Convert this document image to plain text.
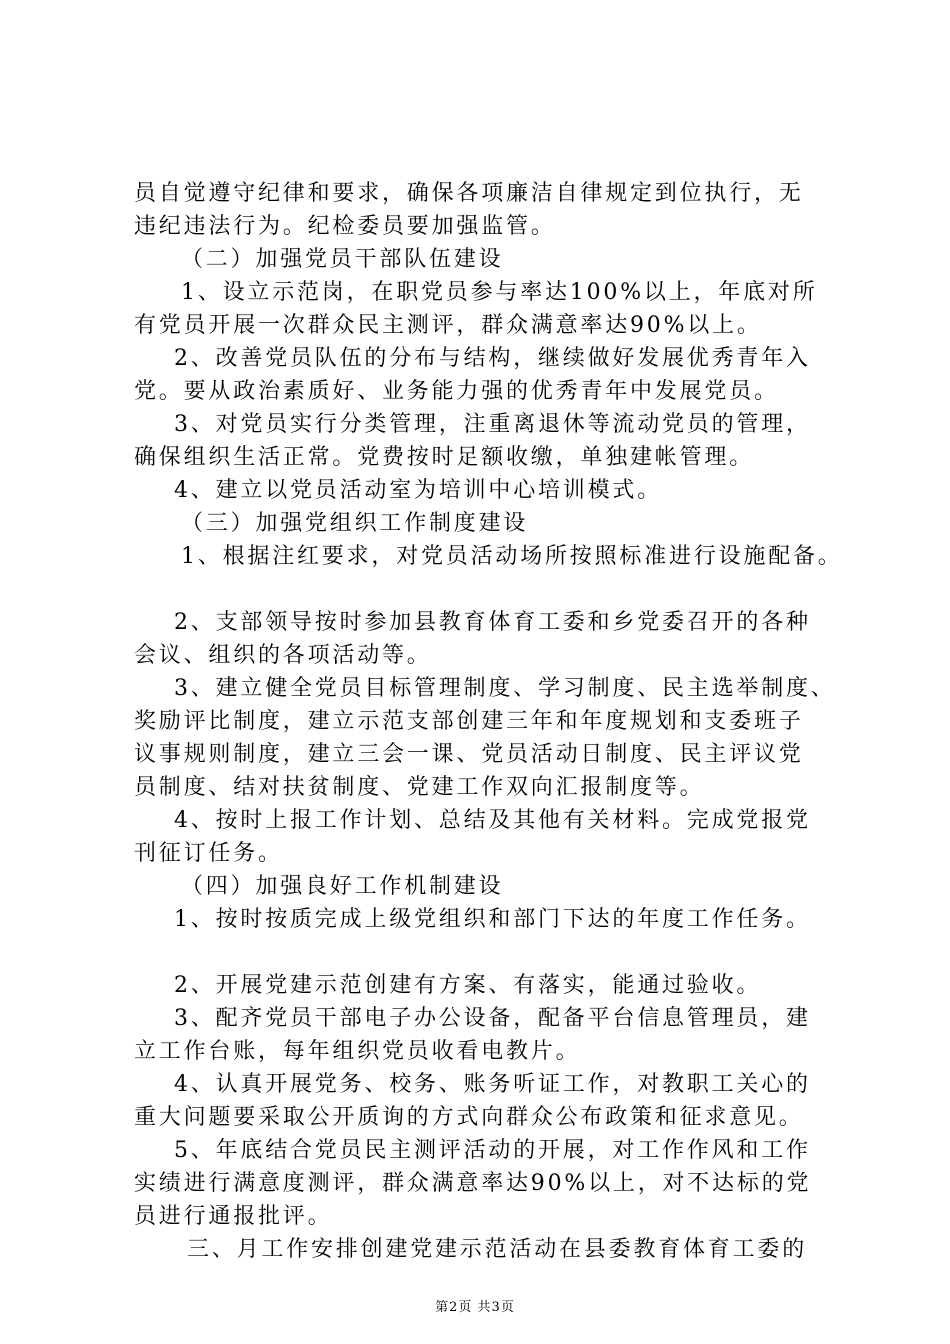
员自觉遵守纪律和要求，确保各项廉洁自律规定到位执行，无
违纪违法行为。纪检委员要加强监管。
（二）加强党员干部队伍建设
1、设立示范岗，在职党员参与率达100%以上，年底对所
有党员开展一次群众民主测评，群众满意率达90%以上。
2、改善党员队伍的分布与结构，继续做好发展优秀青年入
党。要从政治素质好、业务能力强的优秀青年中发展党员。
3、对党员实行分类管理，注重离退休等流动党员的管理，
确保组织生活正常。党费按时足额收缴，单独建帐管理。
4、建立以党员活动室为培训中心培训模式。
（三）加强党组织工作制度建设
1、根据注红要求，对党员活动场所按照标准进行设施配备。
2、支部领导按时参加县教育体育工委和乡党委召开的各种
会议、组织的各项活动等。
3、建立健全党员目标管理制度、学习制度、民主选举制度、
奖励评比制度，建立示范支部创建三年和年度规划和支委班子
议事规则制度，建立三会一课、党员活动日制度、民主评议党
员制度、结对扶贫制度、党建工作双向汇报制度等。
4、按时上报工作计划、总结及其他有关材料。完成党报党
刊征订任务。
（四）加强良好工作机制建设
1、按时按质完成上级党组织和部门下达的年度工作任务。
2、开展党建示范创建有方案、有落实，能通过验收。
3、配齐党员干部电子办公设备，配备平台信息管理员，建
立工作台账，每年组织党员收看电教片。
4、认真开展党务、校务、账务听证工作，对教职工关心的
重大问题要采取公开质询的方式向群众公布政策和征求意见。
5、年底结合党员民主测评活动的开展，对工作作风和工作
实绩进行满意度测评，群众满意率达90%以上，对不达标的党
员进行通报批评。
三、月工作安排创建党建示范活动在县委教育体育工委的
第2页 共3页
